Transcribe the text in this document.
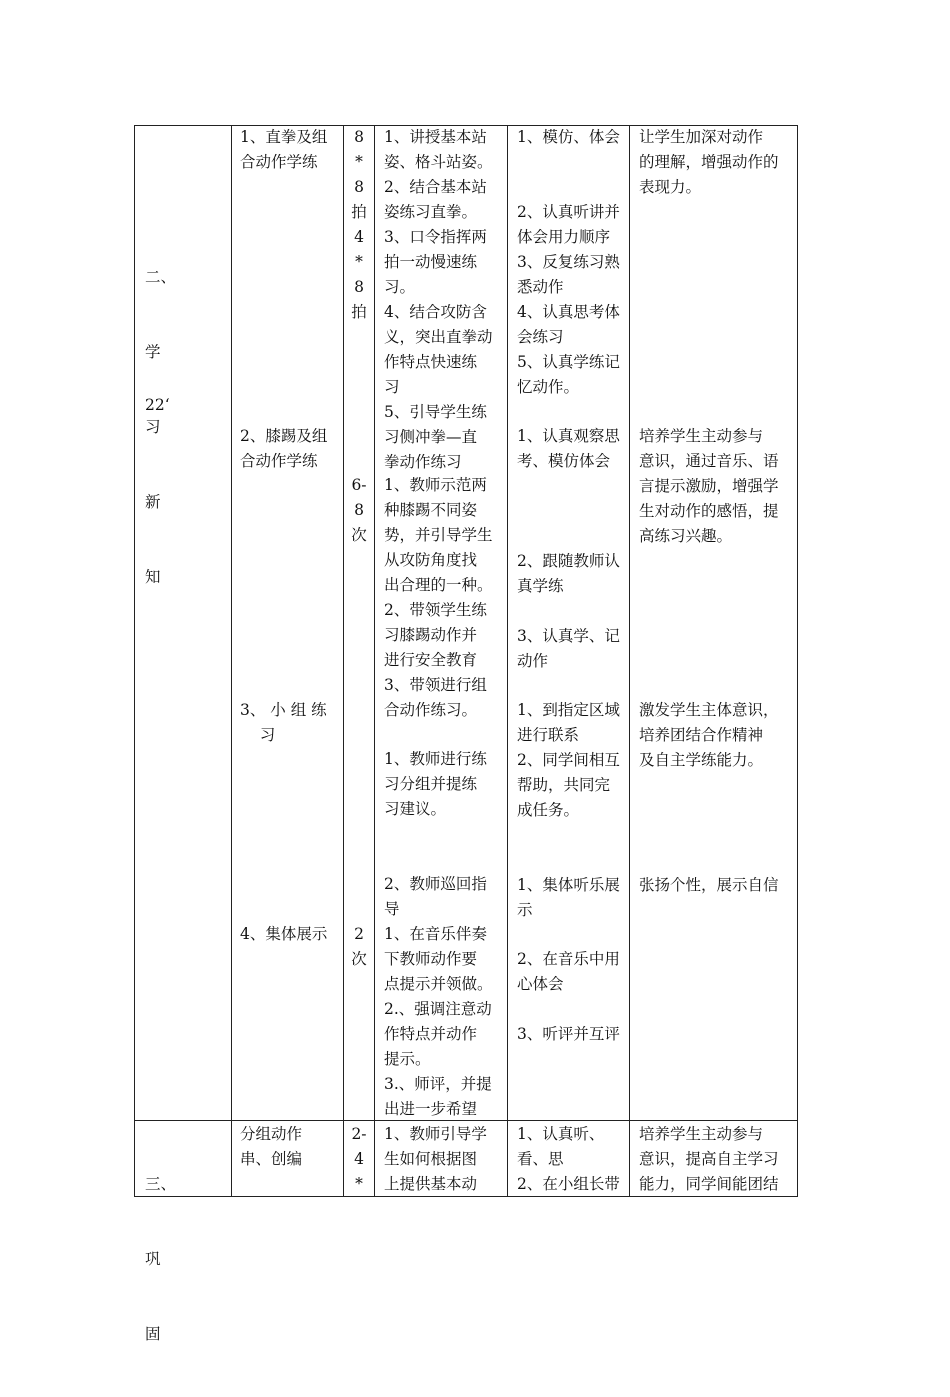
二、

学

习

新

知

22‘
1、直拳及组
合动作学练
2、膝踢及组
合动作学练
3、 小 组 练
习
4、集体展示
8
*
8
拍
4
*
8
拍
6-
8
次
2
次
1、讲授基本站
姿、格斗站姿。
2、结合基本站
姿练习直拳。
3、口令指挥两
拍一动慢速练
习。
4、结合攻防含
义，突出直拳动
作特点快速练
习
5、引导学生练
习侧冲拳—直
拳动作练习
1、教师示范两
种膝踢不同姿
势，并引导学生
从攻防角度找
出合理的一种。
2、带领学生练
习膝踢动作并
进行安全教育
3、带领进行组
合动作练习。
1、教师进行练
习分组并提练
习建议。

2、教师巡回指
导
1、在音乐伴奏
下教师动作要
点提示并领做。
2.、强调注意动
作特点并动作
提示。
3.、师评，并提
出进一步希望
1、模仿、体会

2、认真听讲并
体会用力顺序
3、反复练习熟
悉动作
4、认真思考体
会练习
5、认真学练记
忆动作。
1、认真观察思
考、模仿体会

2、跟随教师认
真学练

3、认真学、记
动作
1、到指定区域
进行联系
2、同学间相互
帮助，共同完
成任务。

1、集体听乐展
示
2、在音乐中用
心体会

3、听评并互评
让学生加深对动作
的理解，增强动作的
表现力。
培养学生主动参与
意识，通过音乐、语
言提示激励，增强学
生对动作的感悟，提
高练习兴趣。
激发学生主体意识，
培养团结合作精神
及自主学练能力。

张扬个性，展示自信

三、

巩

固

分组动作
串、创编
2-
4
*
1、教师引导学
生如何根据图
上提供基本动
1、认真听、
看、思
2、在小组长带
培养学生主动参与
意识，提高自主学习
能力，同学间能团结
